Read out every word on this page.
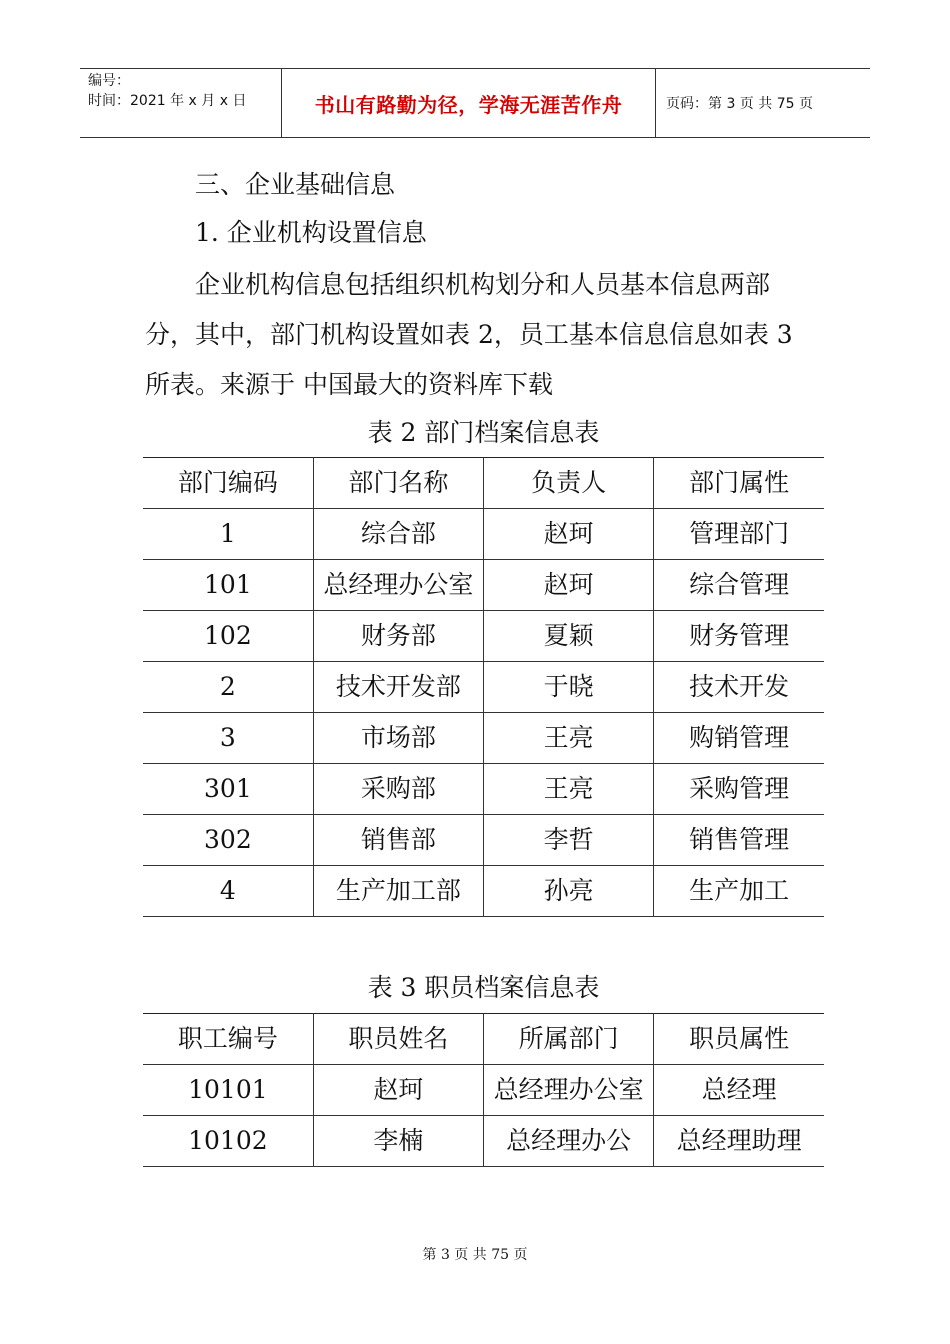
编号：
时间：2021 年 x 月 x 日	书山有路勤为径，学海无涯苦作舟	页码：第 3 页 共 75 页

三、企业基础信息

1. 企业机构设置信息

企业机构信息包括组织机构划分和人员基本信息两部分，其中，部门机构设置如表 2，员工基本信息信息如表 3 所表。来源于 中国最大的资料库下载

表 2 部门档案信息表
部门编码	部门名称	负责人	部门属性
1	综合部	赵珂	管理部门
101	总经理办公室	赵珂	综合管理
102	财务部	夏颖	财务管理
2	技术开发部	于晓	技术开发
3	市场部	王亮	购销管理
301	采购部	王亮	采购管理
302	销售部	李哲	销售管理
4	生产加工部	孙亮	生产加工
表 3 职员档案信息表
职工编号	职员姓名	所属部门	职员属性
10101	赵珂	总经理办公室	总经理
10102	李楠	总经理办公	总经理助理
第 3 页 共 75 页
